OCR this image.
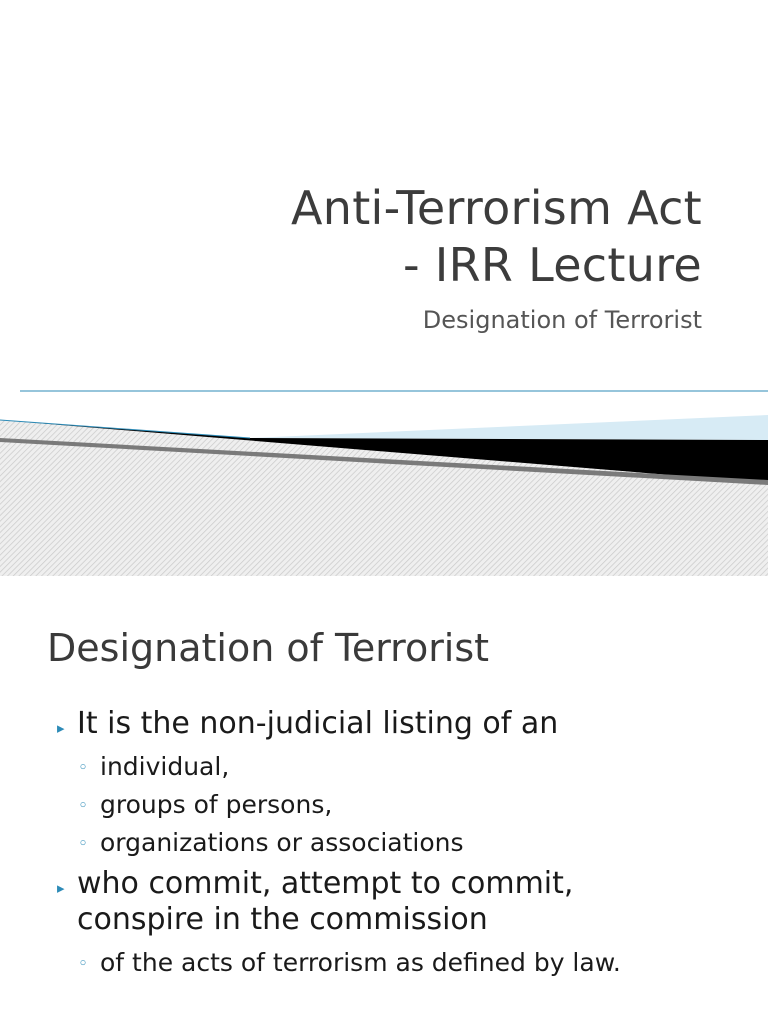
Anti-Terrorism Act
- IRR Lecture
Designation of Terrorist
Designation of Terrorist
▸ It is the non-judicial listing of an
◦ individual,
◦ groups of persons,
◦ organizations or associations
▸ who commit, attempt to commit,
conspire in the commission
◦ of the acts of terrorism as defined by law.
